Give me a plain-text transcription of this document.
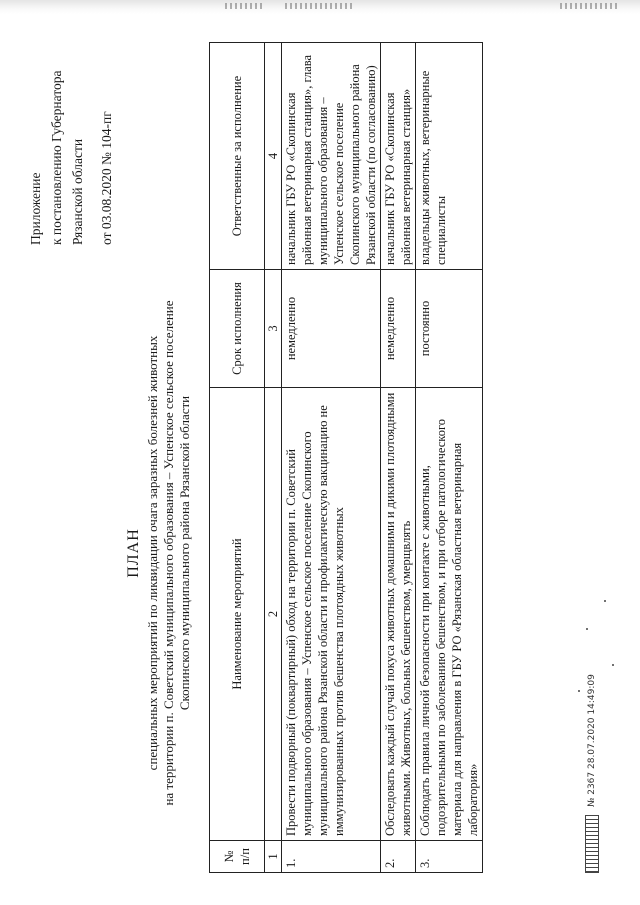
Приложение к постановлению Губернатора Рязанской области от 03.08.2020 № 104-пг
ПЛАН специальных мероприятий по ликвидации очага заразных болезней животных на территории п. Советский муниципального образования – Успенское сельское поселение Скопинского муниципального района Рязанской области
№ п/п	Наименование мероприятий	Срок исполнения	Ответственные за исполнение
1	2	3	4
1.	Провести подворный (поквартирный) обход на территории п. Советский муниципального образования – Успенское сельское поселение Скопинского муниципального района Рязанской области и профилактическую вакцинацию не иммунизированных против бешенства плотоядных животных	немедленно	начальник ГБУ РО «Скопинская районная ветеринарная станция», глава муниципального образования – Успенское сельское поселение Скопинского муниципального района Рязанской области (по согласованию)
2.	Обследовать каждый случай покуса животных домашними и дикими плотоядными животными. Животных, больных бешенством, умерщвлять	немедленно	начальник ГБУ РО «Скопинская районная ветеринарная станция»
3.	Соблюдать правила личной безопасности при контакте с животными, подозрительными по заболеванию бешенством, и при отборе патологического материала для направления в ГБУ РО «Рязанская областная ветеринарная лаборатория»	постоянно	владельцы животных, ветеринарные специалисты
№ 2367 28.07.2020 14:49:09
